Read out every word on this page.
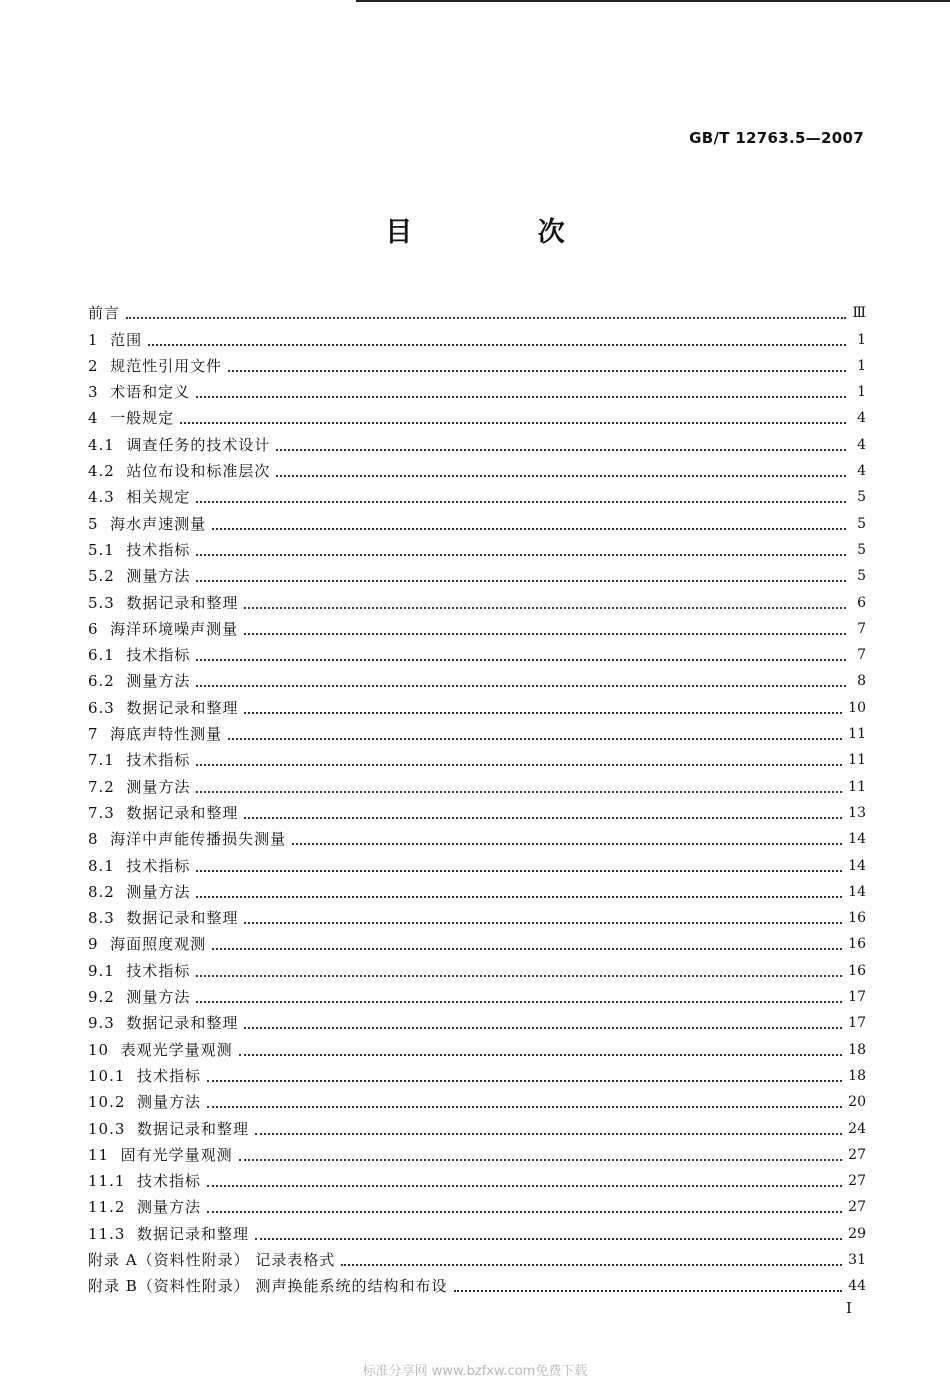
GB/T 12763.5—2007
目 次
前言	Ⅲ
1 范围	1
2 规范性引用文件	1
3 术语和定义	1
4 一般规定	4
4.1 调查任务的技术设计	4
4.2 站位布设和标准层次	4
4.3 相关规定	5
5 海水声速测量	5
5.1 技术指标	5
5.2 测量方法	5
5.3 数据记录和整理	6
6 海洋环境噪声测量	7
6.1 技术指标	7
6.2 测量方法	8
6.3 数据记录和整理	10
7 海底声特性测量	11
7.1 技术指标	11
7.2 测量方法	11
7.3 数据记录和整理	13
8 海洋中声能传播损失测量	14
8.1 技术指标	14
8.2 测量方法	14
8.3 数据记录和整理	16
9 海面照度观测	16
9.1 技术指标	16
9.2 测量方法	17
9.3 数据记录和整理	17
10 表观光学量观测	18
10.1 技术指标	18
10.2 测量方法	20
10.3 数据记录和整理	24
11 固有光学量观测	27
11.1 技术指标	27
11.2 测量方法	27
11.3 数据记录和整理	29
附录 A（资料性附录） 记录表格式	31
附录 B（资料性附录） 测声换能系统的结构和布设	44
I
标准分享网 www.bzfxw.com免费下载
